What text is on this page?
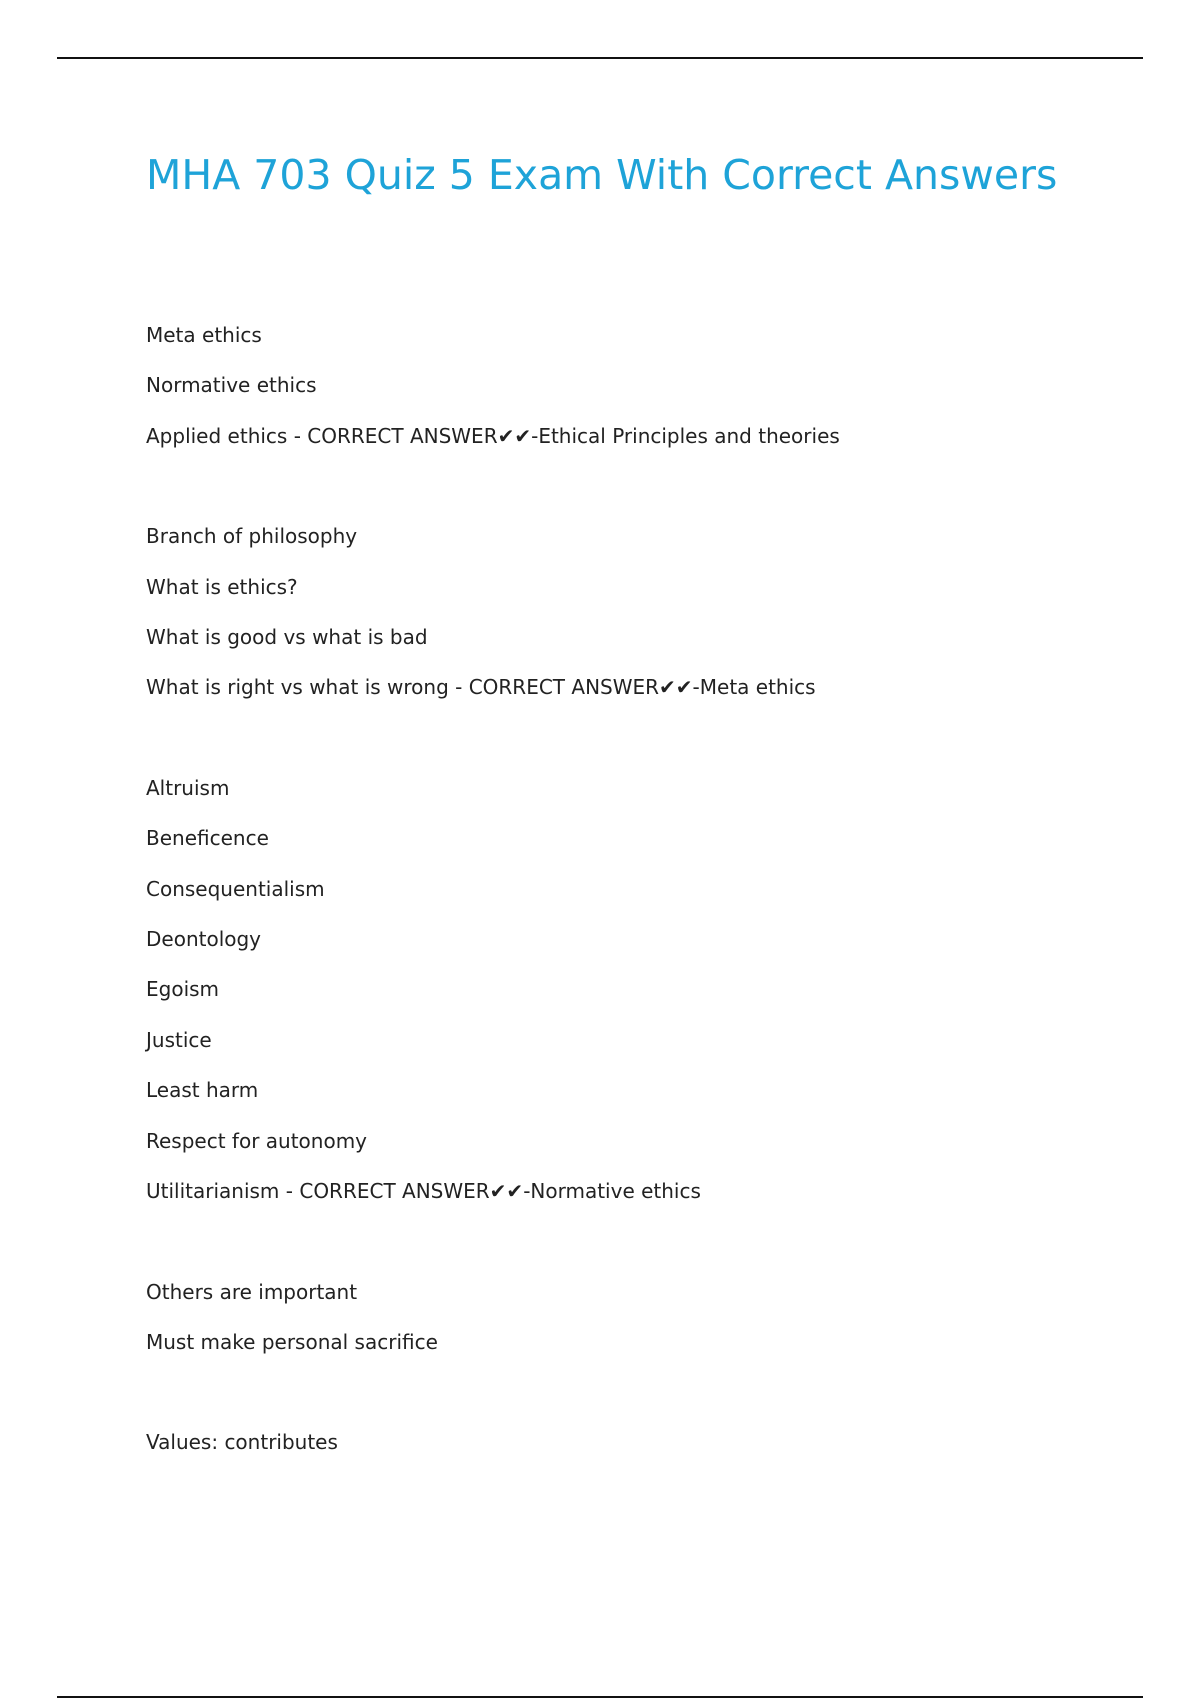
MHA 703 Quiz 5 Exam With Correct Answers
Meta ethics
Normative ethics
Applied ethics - CORRECT ANSWER✔✔-Ethical Principles and theories
Branch of philosophy
What is ethics?
What is good vs what is bad
What is right vs what is wrong - CORRECT ANSWER✔✔-Meta ethics
Altruism
Beneficence
Consequentialism
Deontology
Egoism
Justice
Least harm
Respect for autonomy
Utilitarianism - CORRECT ANSWER✔✔-Normative ethics
Others are important
Must make personal sacrifice
Values: contributes
